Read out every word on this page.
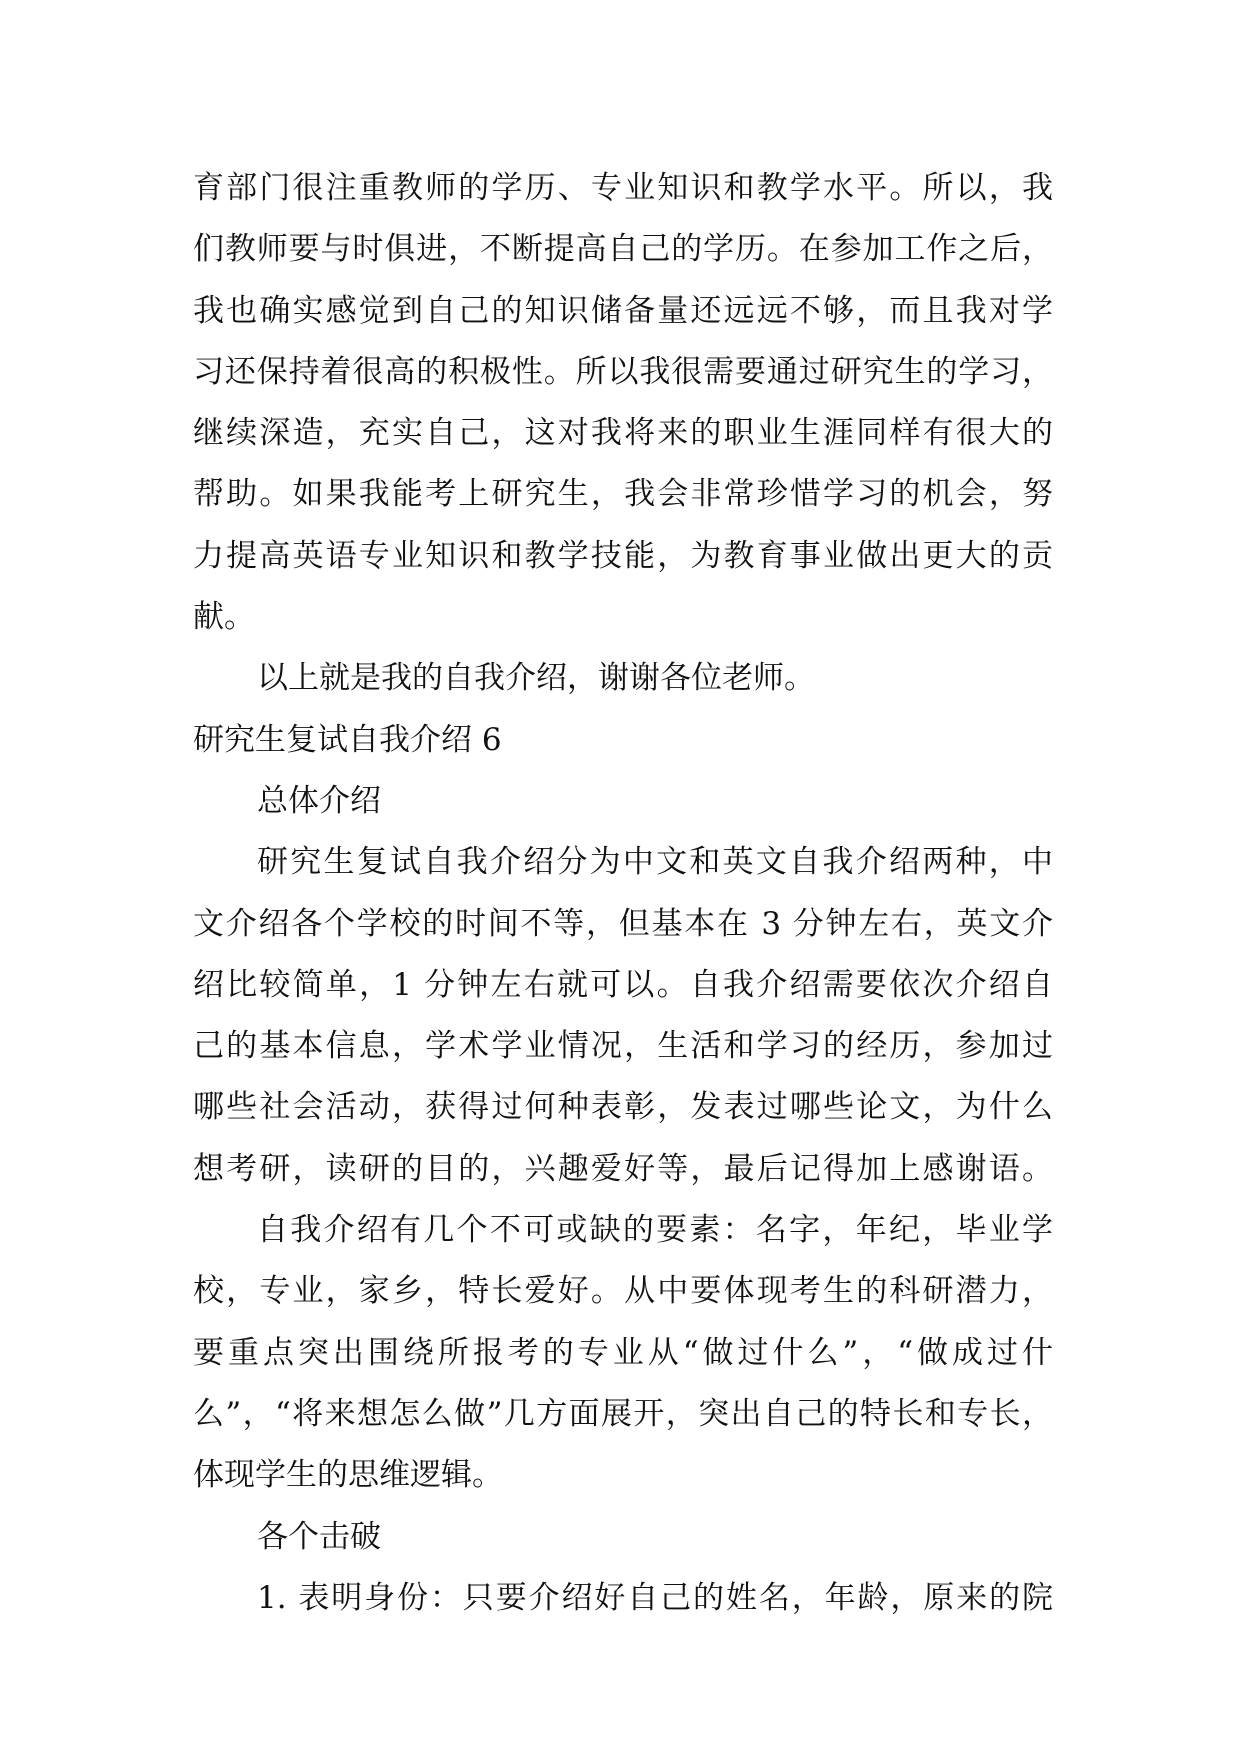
育部门很注重教师的学历、专业知识和教学水平。所以，我
们教师要与时俱进，不断提高自己的学历。在参加工作之后，
我也确实感觉到自己的知识储备量还远远不够，而且我对学
习还保持着很高的积极性。所以我很需要通过研究生的学习，
继续深造，充实自己，这对我将来的职业生涯同样有很大的
帮助。如果我能考上研究生，我会非常珍惜学习的机会，努
力提高英语专业知识和教学技能，为教育事业做出更大的贡
献。
以上就是我的自我介绍，谢谢各位老师。
研究生复试自我介绍 6
总体介绍
研究生复试自我介绍分为中文和英文自我介绍两种，中
文介绍各个学校的时间不等，但基本在 3 分钟左右，英文介
绍比较简单，1 分钟左右就可以。自我介绍需要依次介绍自
己的基本信息，学术学业情况，生活和学习的经历，参加过
哪些社会活动，获得过何种表彰，发表过哪些论文，为什么
想考研，读研的目的，兴趣爱好等，最后记得加上感谢语。
自我介绍有几个不可或缺的要素：名字，年纪，毕业学
校，专业，家乡，特长爱好。从中要体现考生的科研潜力，
要重点突出围绕所报考的专业从“做过什么”，“做成过什
么”，“将来想怎么做”几方面展开，突出自己的特长和专长，
体现学生的思维逻辑。
各个击破
1. 表明身份：只要介绍好自己的姓名，年龄，原来的院
